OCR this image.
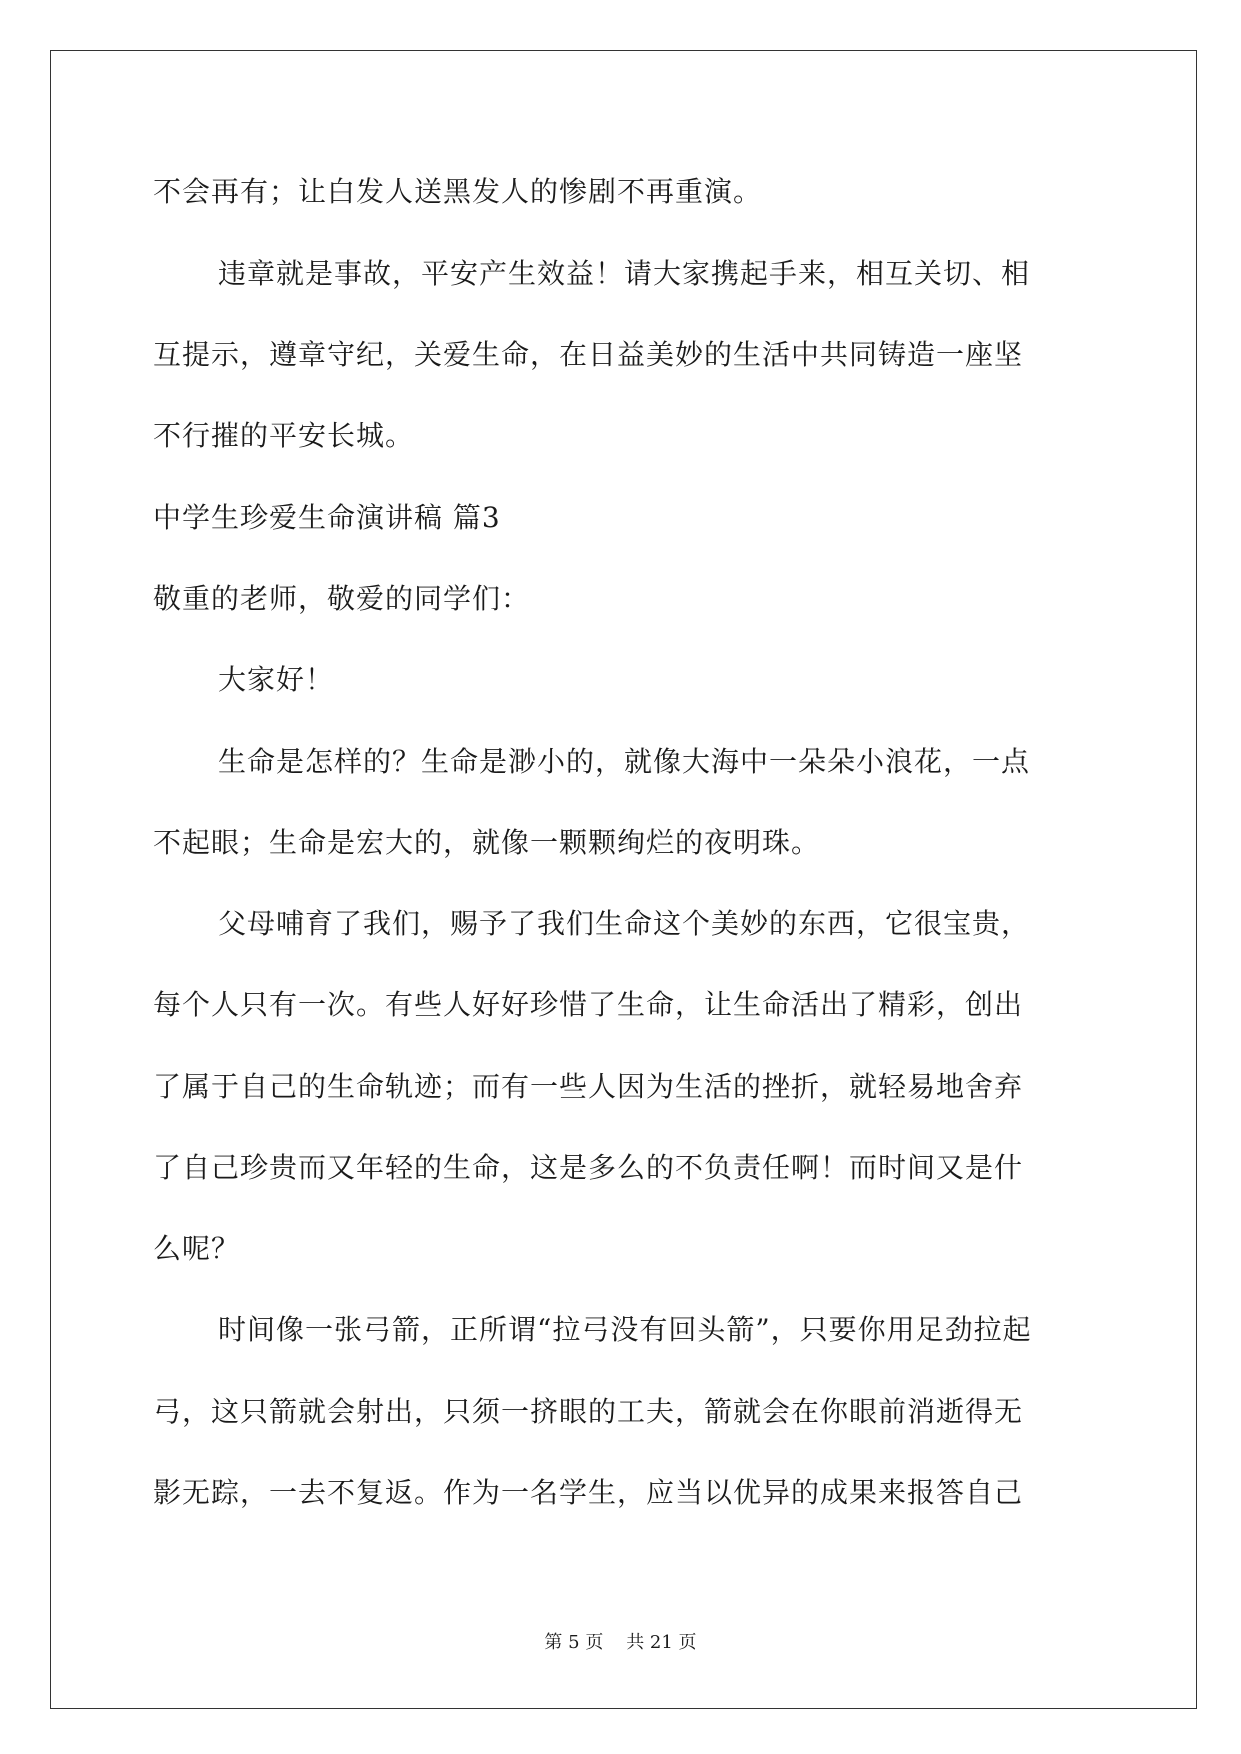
不会再有；让白发人送黑发人的惨剧不再重演。
违章就是事故，平安产生效益！请大家携起手来，相互关切、相
互提示，遵章守纪，关爱生命，在日益美妙的生活中共同铸造一座坚
不行摧的平安长城。
中学生珍爱生命演讲稿 篇3
敬重的老师，敬爱的同学们：
大家好！
生命是怎样的？生命是渺小的，就像大海中一朵朵小浪花，一点
不起眼；生命是宏大的，就像一颗颗绚烂的夜明珠。
父母哺育了我们，赐予了我们生命这个美妙的东西，它很宝贵，
每个人只有一次。有些人好好珍惜了生命，让生命活出了精彩，创出
了属于自己的生命轨迹；而有一些人因为生活的挫折，就轻易地舍弃
了自己珍贵而又年轻的生命，这是多么的不负责任啊！而时间又是什
么呢？
时间像一张弓箭，正所谓“拉弓没有回头箭”，只要你用足劲拉起
弓，这只箭就会射出，只须一挤眼的工夫，箭就会在你眼前消逝得无
影无踪，一去不复返。作为一名学生，应当以优异的成果来报答自己
第 5 页    共 21 页
